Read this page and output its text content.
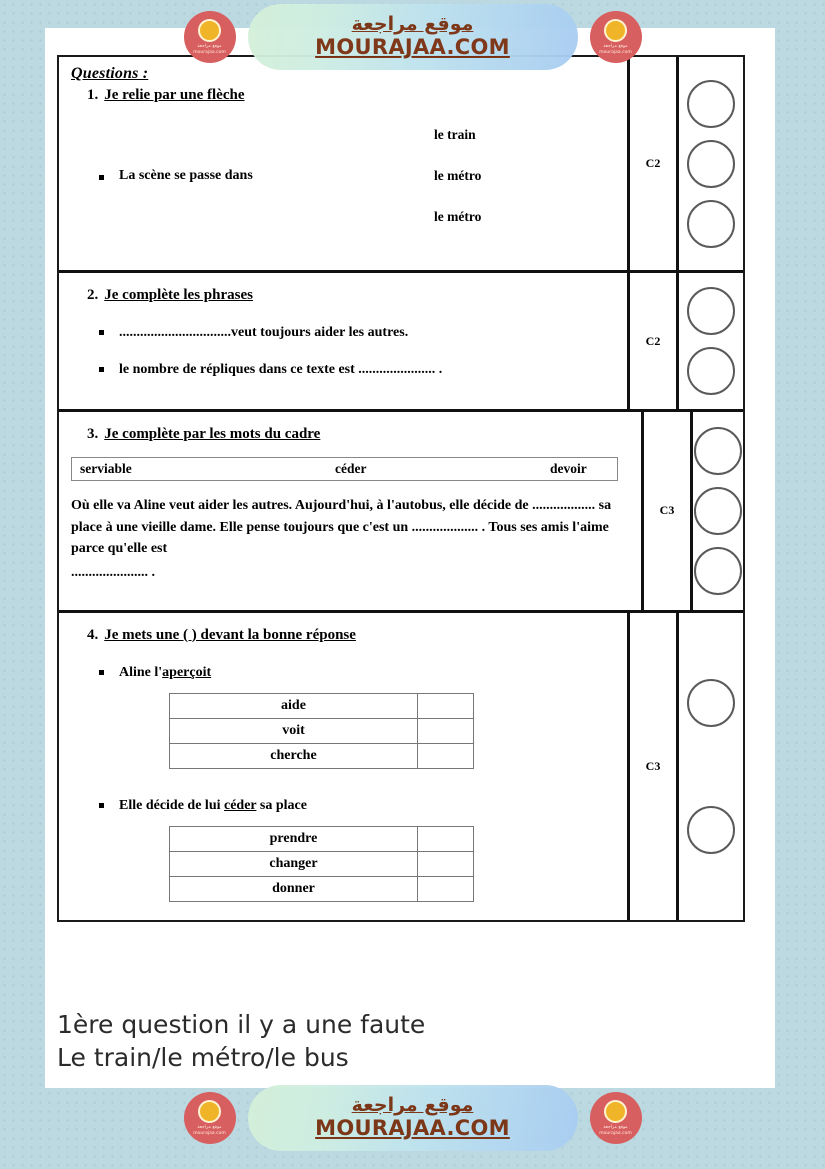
Questions :
1. Je relie par une flèche
La scène se passe dans
le train
le métro
le métro
C2
2. Je complète les phrases
................................veut toujours aider les autres.
le nombre de répliques dans ce texte est ...................... .
C2
3. Je complète par les mots du cadre
serviable	céder	devoir
Où elle va Aline veut aider les autres. Aujourd'hui, à l'autobus, elle décide de .................. sa place à une vieille dame. Elle pense toujours que c'est un ................... . Tous ses amis l'aime parce qu'elle est
...................... .
C3
4. Je mets une ( ) devant la bonne réponse
Aline l'aperçoit
aide	
voit	
cherche	
Elle décide de lui céder sa place
prendre	
changer	
donner	
C3
1ère question il y a une faute
Le train/le métro/le bus
موقع مراجعة
mourajaa.com
موقع مراجعة
MOURAJAA.COM	موقع مراجعة
mourajaa.com
موقع مراجعة
mourajaa.com
موقع مراجعة
MOURAJAA.COM	موقع مراجعة
mourajaa.com
